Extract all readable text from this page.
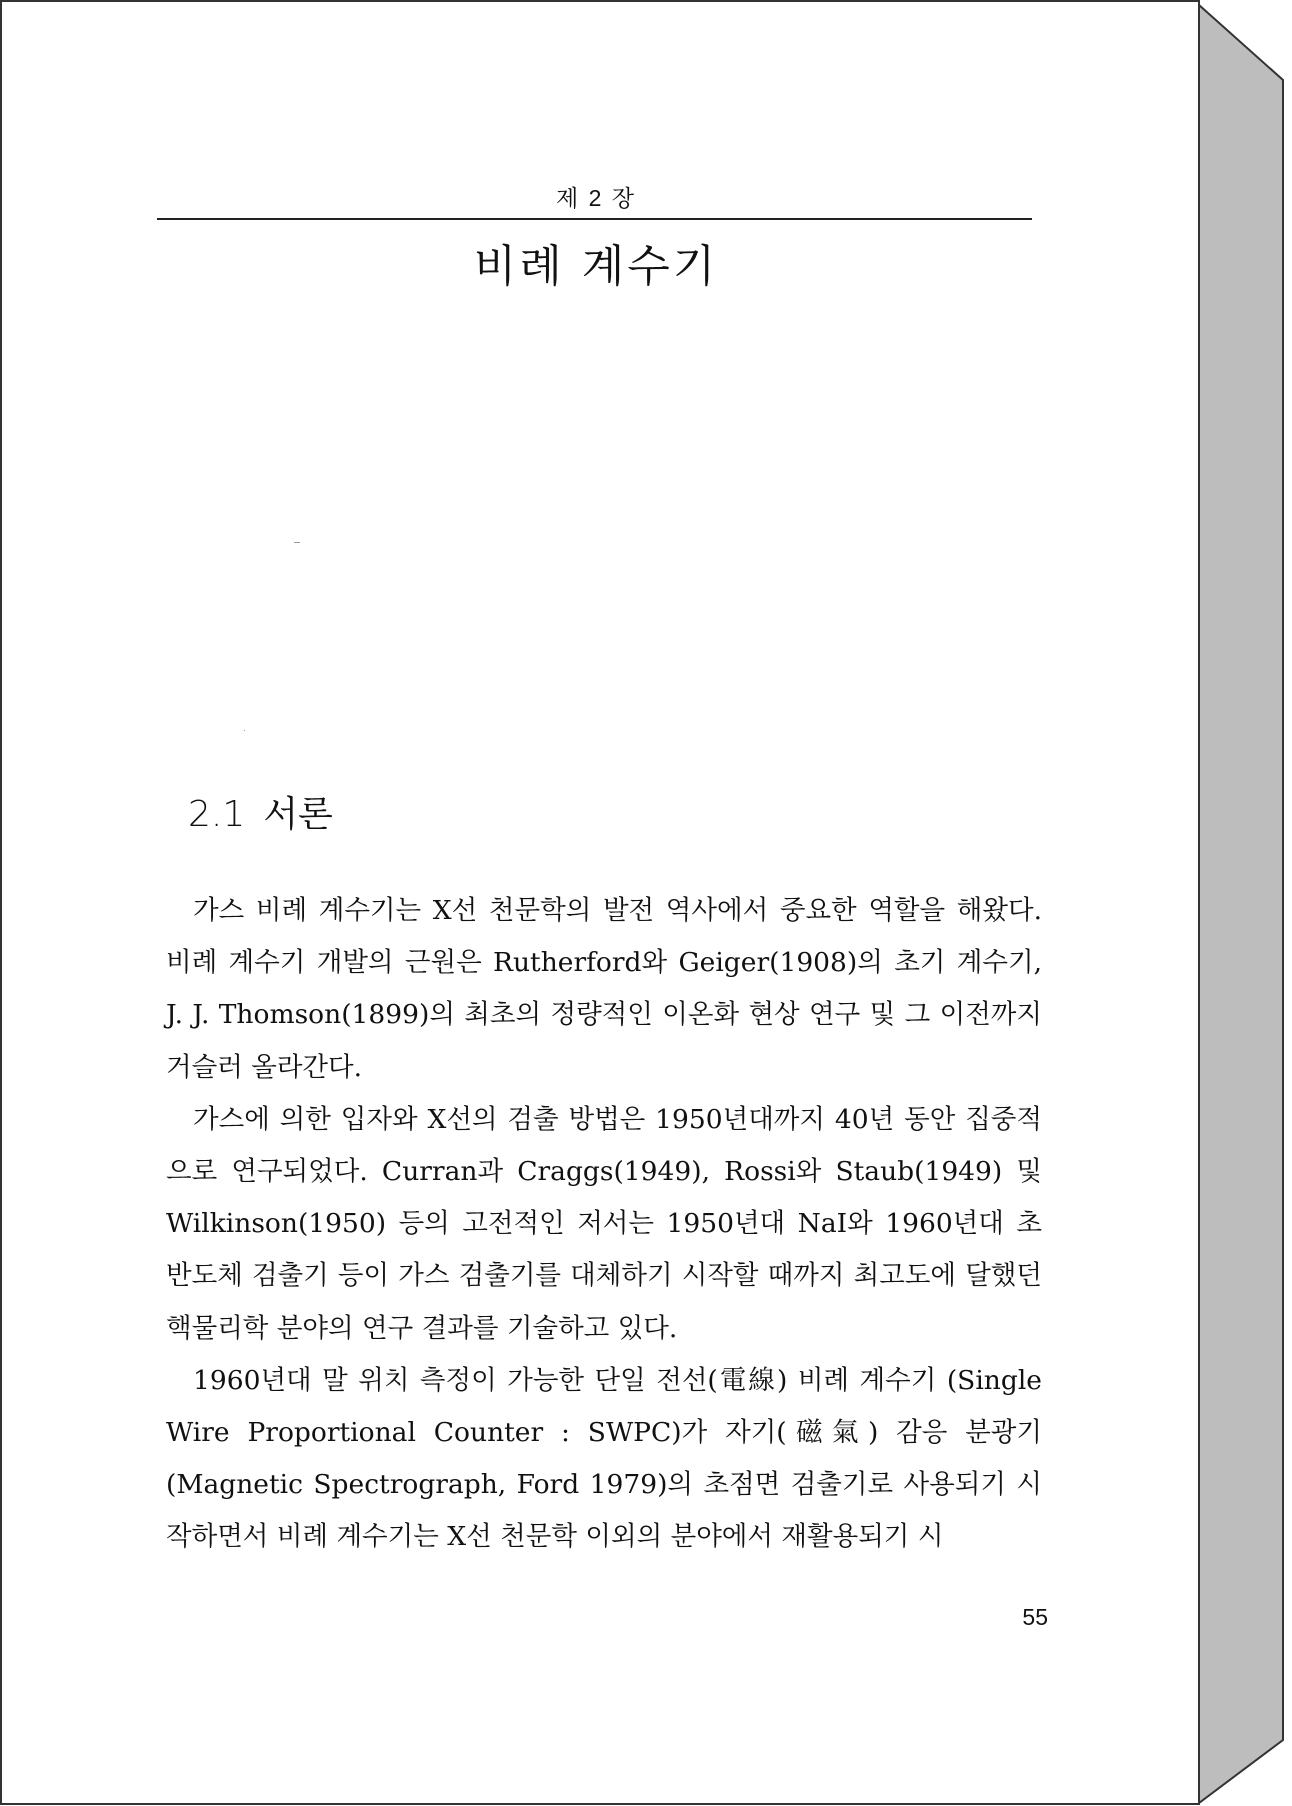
제 2 장
비례 계수기
2.1 서론

가스 비례 계수기는 X선 천문학의 발전 역사에서 중요한 역할을 해왔다. 비례 계수기 개발의 근원은 Rutherford와 Geiger(1908)의 초기 계수기, J. J. Thomson(1899)의 최초의 정량적인 이온화 현상 연구 및 그 이전까지 거슬러 올라간다.

가스에 의한 입자와 X선의 검출 방법은 1950년대까지 40년 동안 집중적으로 연구되었다. Curran과 Craggs(1949), Rossi와 Staub(1949) 및 Wilkinson(1950) 등의 고전적인 저서는 1950년대 NaI와 1960년대 초 반도체 검출기 등이 가스 검출기를 대체하기 시작할 때까지 최고도에 달했던 핵물리학 분야의 연구 결과를 기술하고 있다.

1960년대 말 위치 측정이 가능한 단일 전선(電線) 비례 계수기 (Single Wire Proportional Counter : SWPC)가 자기(磁氣) 감응 분광기 (Magnetic Spectrograph, Ford 1979)의 초점면 검출기로 사용되기 시작하면서 비례 계수기는 X선 천문학 이외의 분야에서 재활용되기 시

55
